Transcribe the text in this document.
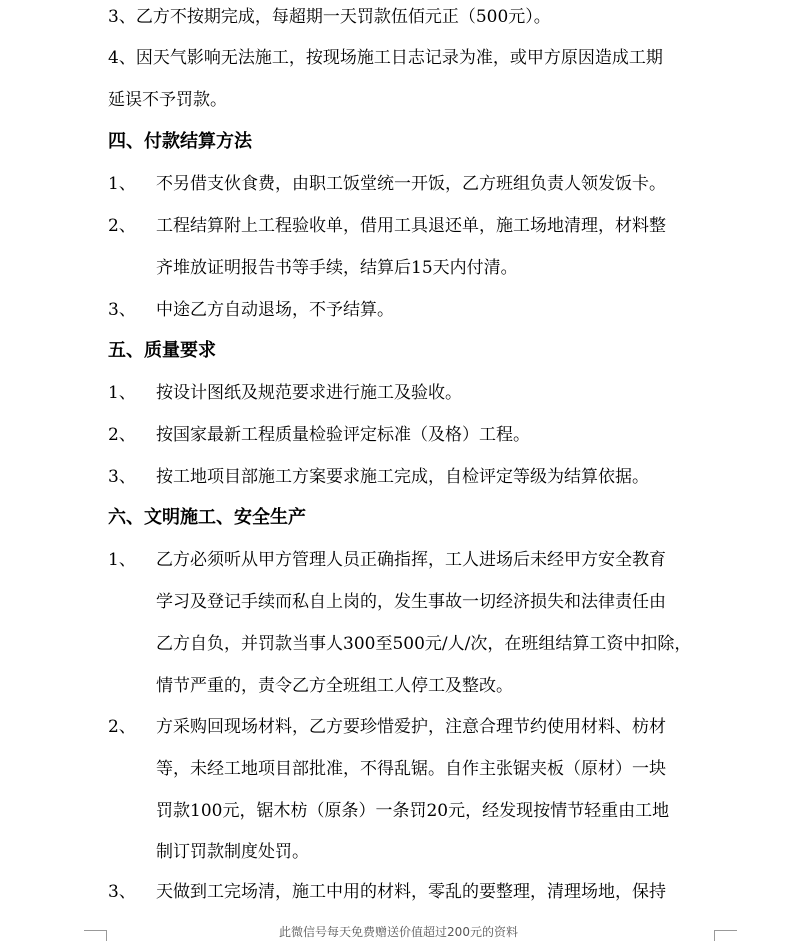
3、乙方不按期完成，每超期一天罚款伍佰元正（500元）。
4、因天气影响无法施工，按现场施工日志记录为准，或甲方原因造成工期
延误不予罚款。
四、付款结算方法
1、 不另借支伙食费，由职工饭堂统一开饭，乙方班组负责人领发饭卡。
2、 工程结算附上工程验收单，借用工具退还单，施工场地清理，材料整
齐堆放证明报告书等手续，结算后15天内付清。
3、 中途乙方自动退场，不予结算。
五、质量要求
1、 按设计图纸及规范要求进行施工及验收。
2、 按国家最新工程质量检验评定标准（及格）工程。
3、 按工地项目部施工方案要求施工完成，自检评定等级为结算依据。
六、文明施工、安全生产
1、 乙方必须听从甲方管理人员正确指挥，工人进场后未经甲方安全教育
学习及登记手续而私自上岗的，发生事故一切经济损失和法律责任由
乙方自负，并罚款当事人300至500元/人/次，在班组结算工资中扣除，
情节严重的，责令乙方全班组工人停工及整改。
2、 方采购回现场材料，乙方要珍惜爱护，注意合理节约使用材料、枋材
等，未经工地项目部批准，不得乱锯。自作主张锯夹板（原材）一块
罚款100元，锯木枋（原条）一条罚20元，经发现按情节轻重由工地
制订罚款制度处罚。
3、 天做到工完场清，施工中用的材料，零乱的要整理，清理场地，保持
此微信号每天免费赠送价值超过200元的资料
